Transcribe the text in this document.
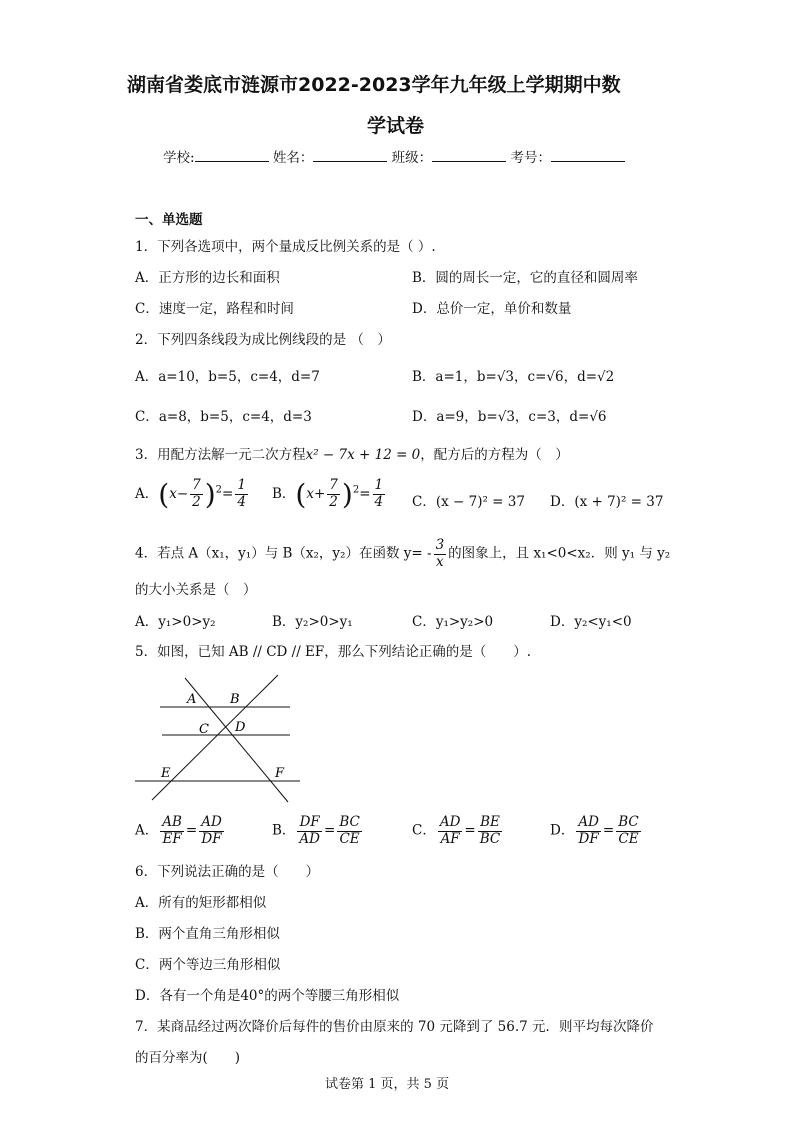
湖南省娄底市涟源市2022-2023学年九年级上学期期中数
学试卷
学校:	姓名：	班级：	考号：
一、单选题
1．下列各选项中，两个量成反比例关系的是（ ）.
A．正方形的边长和面积	B．圆的周长一定，它的直径和圆周率
C．速度一定，路程和时间	D．总价一定，单价和数量
2．下列四条线段为成比例线段的是 （　）
A．a=10，b=5，c=4，d=7	B．a=1，b=√3，c=√6，d=√2
C．a=8，b=5，c=4，d=3	D．a=9，b=√3，c=3，d=√6
3．用配方法解一元二次方程x² − 7x + 12 = 0，配方后的方程为（　）
A．$(x- \frac{7}{2} )^2= \frac{1}{4}$ B．$(x+ \frac{7}{2} )^2= \frac{1}{4}$ C．(x − 7)² = 37 D．(x + 7)² = 37
4．若点 A（x₁，y₁）与 B（x₂，y₂）在函数 $y= - \frac{3}{x}$ 的图象上，且 x₁<0<x₂．则 y₁ 与 y₂
的大小关系是（　）
A．y₁>0>y₂	B．y₂>0>y₁	C．y₁>y₂>0	D．y₂<y₁<0
5．如图，已知 AB // CD // EF，那么下列结论正确的是（　　）.
A	B
C D
E	F
A． $\frac{AB}{EF} = \frac{AD}{DF}$	B． $\frac{DF}{AD} = \frac{BC}{CE}$	C． $\frac{AD}{AF} = \frac{BE}{BC}$	D． $\frac{AD}{DF} = \frac{BC}{CE}$
6．下列说法正确的是（　　）
A．所有的矩形都相似
B．两个直角三角形相似
C．两个等边三角形相似
D．各有一个角是40°的两个等腰三角形相似
7．某商品经过两次降价后每件的售价由原来的 70 元降到了 56.7 元．则平均每次降价
的百分率为(　　)
试卷第 1 页，共 5 页
